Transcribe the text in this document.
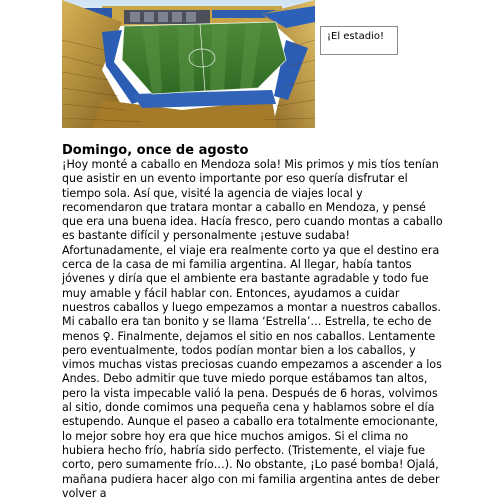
¡El estadio!
Domingo, once de agosto

¡Hoy monté a caballo en Mendoza sola! Mis primos y mis tíos tenían que asistir en un evento importante por eso quería disfrutar el tiempo sola. Así que, visité la agencia de viajes local y recomendaron que tratara montar a caballo en Mendoza, y pensé que era una buena idea. Hacía fresco, pero cuando montas a caballo es bastante difícil y personalmente ¡estuve sudaba! Afortunadamente, el viaje era realmente corto ya que el destino era cerca de la casa de mi familia argentina. Al llegar, había tantos jóvenes y diría que el ambiente era bastante agradable y todo fue muy amable y fácil hablar con. Entonces, ayudamos a cuidar nuestros caballos y luego empezamos a montar a nuestros caballos. Mi caballo era tan bonito y se llama ‘Estrella’… Estrella, te echo de menos ♀. Finalmente, dejamos el sitio en nos caballos. Lentamente pero eventualmente, todos podían montar bien a los caballos, y vimos muchas vistas preciosas cuando empezamos a ascender a los Andes. Debo admitir que tuve miedo porque estábamos tan altos, pero la vista impecable valió la pena. Después de 6 horas, volvimos al sitio, donde comimos una pequeña cena y hablamos sobre el día estupendo. Aunque el paseo a caballo era totalmente emocionante, lo mejor sobre hoy era que hice muchos amigos. Si el clima no hubiera hecho frío, habría sido perfecto. (Tristemente, el viaje fue corto, pero sumamente frío…). No obstante, ¡Lo pasé bomba! Ojalá, mañana pudiera hacer algo con mi familia argentina antes de deber volver a
